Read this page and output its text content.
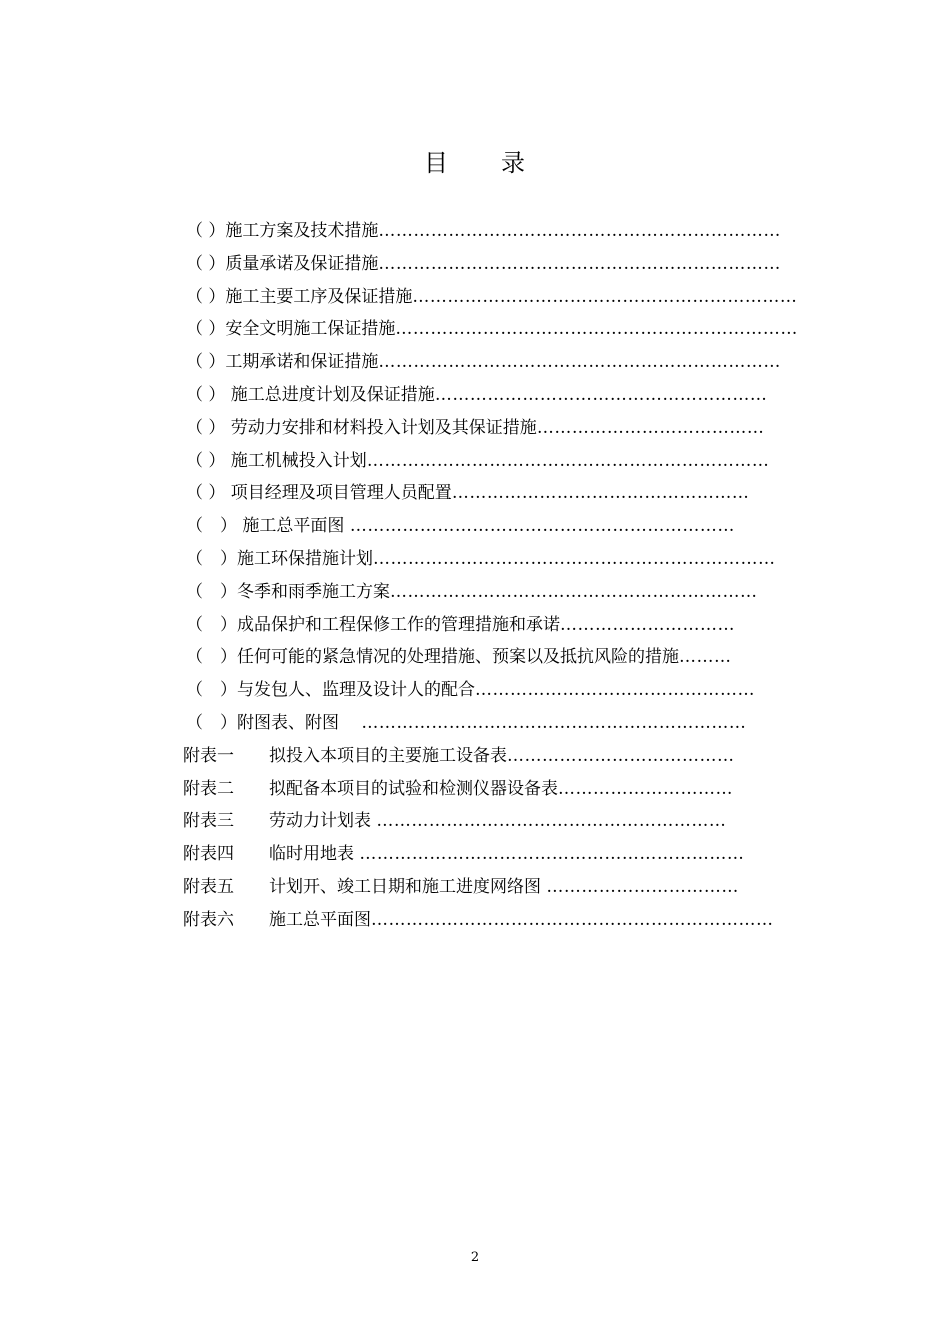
目 录
（ ）施工方案及技术措施……………………………………………………………
（ ）质量承诺及保证措施……………………………………………………………
（ ）施工主要工序及保证措施…………………………………………………………
（ ）安全文明施工保证措施……………………………………………………………
（ ）工期承诺和保证措施……………………………………………………………
（ ） 施工总进度计划及保证措施…………………………………………………
（ ） 劳动力安排和材料投入计划及其保证措施…………………………………
（ ） 施工机械投入计划……………………………………………………………
（ ） 项目经理及项目管理人员配置……………………………………………
（　） 施工总平面图 …………………………………………………………
（　）施工环保措施计划……………………………………………………………
（　）冬季和雨季施工方案………………………………………………………
（　）成品保护和工程保修工作的管理措施和承诺…………………………
（　）任何可能的紧急情况的处理措施、预案以及抵抗风险的措施………
（　）与发包人、监理及设计人的配合…………………………………………
（　）附图表、附图　 …………………………………………………………
附表一 拟投入本项目的主要施工设备表…………………………………
附表二 拟配备本项目的试验和检测仪器设备表…………………………
附表三 劳动力计划表 ……………………………………………………
附表四 临时用地表 …………………………………………………………
附表五 计划开、竣工日期和施工进度网络图 ……………………………
附表六 施工总平面图……………………………………………………………
2
